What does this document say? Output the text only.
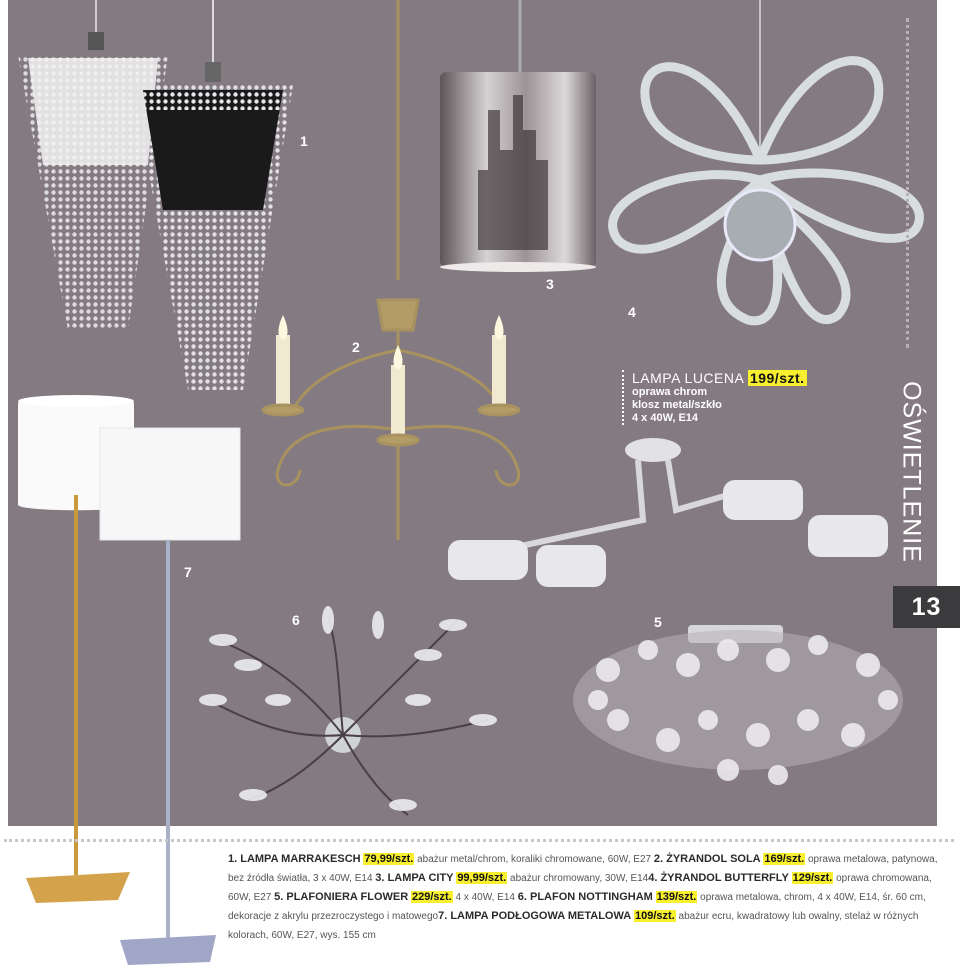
1
2
3
4
5
6
7
LAMPA LUCENA 199/szt.
oprawa chrom
klosz metal/szkło
4 x 40W, E14	OŚWIETLENIE
13
1. LAMPA MARRAKESCH 79,99/szt. abażur metal/chrom, koraliki chromowane, 60W, E27 2. ŻYRANDOL SOLA 169/szt. oprawa metalowa, patynowa, bez źródła światła, 3 x 40W, E14 3. LAMPA CITY 99,99/szt. abażur chromowany, 30W, E144. ŻYRANDOL BUTTERFLY 129/szt. oprawa chromowana, 60W, E27 5. PLAFONIERA FLOWER 229/szt. 4 x 40W, E14 6. PLAFON NOTTINGHAM 139/szt. oprawa metalowa, chrom, 4 x 40W, E14, śr. 60 cm, dekoracje z akrylu przezroczystego i matowego7. LAMPA PODŁOGOWA METALOWA 109/szt. abażur ecru, kwadratowy lub owalny, stelaż w różnych kolorach, 60W, E27, wys. 155 cm
